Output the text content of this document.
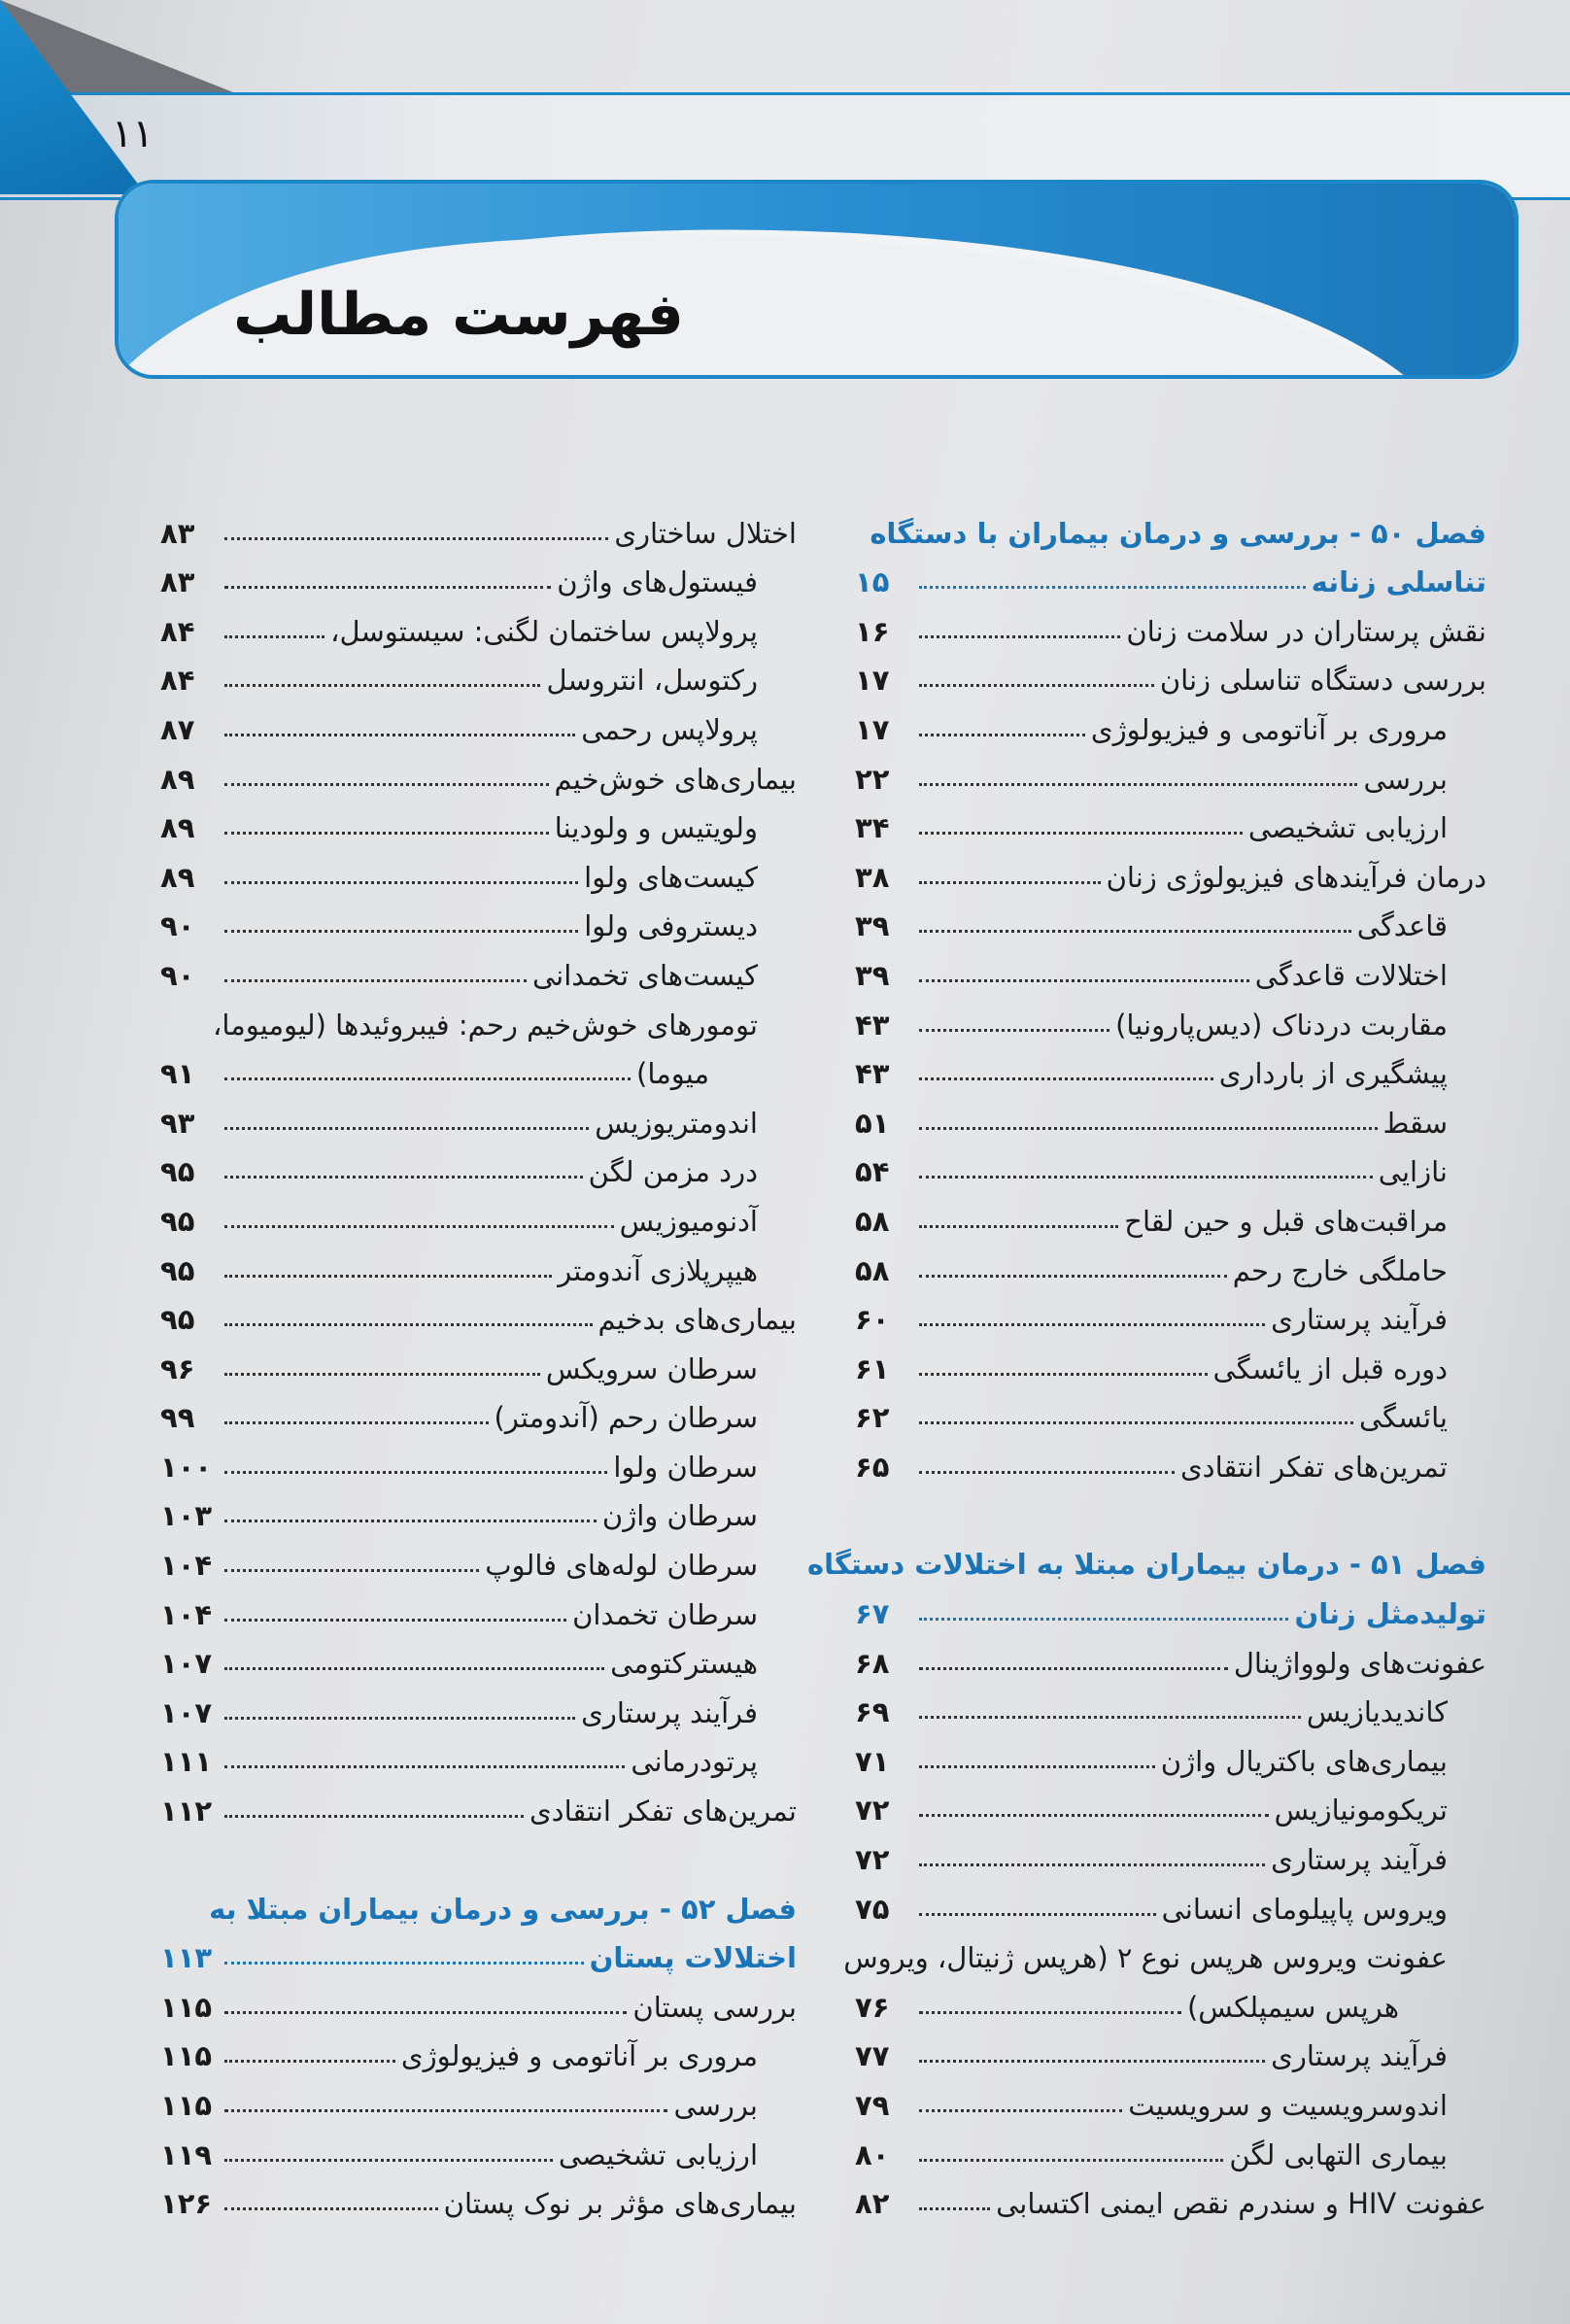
۱۱
فهرست مطالب
فصل ۵۰ - بررسی و درمان بیماران با دستگاه
تناسلی زنانه
۱۵
نقش پرستاران در سلامت زنان
۱۶
بررسی دستگاه تناسلی زنان
۱۷
مروری بر آناتومی و فیزیولوژی
۱۷
بررسی
۲۲
ارزیابی تشخیصی
۳۴
درمان فرآیندهای فیزیولوژی زنان
۳۸
قاعدگی
۳۹
اختلالات قاعدگی
۳۹
مقاربت دردناک (دیس‌پارونیا)
۴۳
پیشگیری از بارداری
۴۳
سقط
۵۱
نازایی
۵۴
مراقبت‌های قبل و حین لقاح
۵۸
حاملگی خارج رحم
۵۸
فرآیند پرستاری
۶۰
دوره قبل از یائسگی
۶۱
یائسگی
۶۲
تمرین‌های تفکر انتقادی
۶۵
فصل ۵۱ - درمان بیماران مبتلا به اختلالات دستگاه
تولیدمثل زنان
۶۷
عفونت‌های ولوواژینال
۶۸
کاندیدیازیس
۶۹
بیماری‌های باکتریال واژن
۷۱
تریکومونیازیس
۷۲
فرآیند پرستاری
۷۲
ویروس پاپیلومای انسانی
۷۵
عفونت ویروس هرپس نوع ۲ (هرپس ژنیتال، ویروس
هرپس سیمپلکس)
۷۶
فرآیند پرستاری
۷۷
اندوسرویسیت و سرویسیت
۷۹
بیماری التهابی لگن
۸۰
عفونت HIV و سندرم نقص ایمنی اکتسابی
۸۲
اختلال ساختاری
۸۳
فیستول‌های واژن
۸۳
پرولاپس ساختمان لگنی: سیستوسل،
۸۴
رکتوسل، انتروسل
۸۴
پرولاپس رحمی
۸۷
بیماری‌های خوش‌خیم
۸۹
ولویتیس و ولودینا
۸۹
کیست‌های ولوا
۸۹
دیستروفی ولوا
۹۰
کیست‌های تخمدانی
۹۰
تومورهای خوش‌خیم رحم: فیبروئیدها (لیومیوما،
میوما)
۹۱
اندومتریوزیس
۹۳
درد مزمن لگن
۹۵
آدنومیوزیس
۹۵
هیپرپلازی آندومتر
۹۵
بیماری‌های بدخیم
۹۵
سرطان سرویکس
۹۶
سرطان رحم (آندومتر)
۹۹
سرطان ولوا
۱۰۰
سرطان واژن
۱۰۳
سرطان لوله‌های فالوپ
۱۰۴
سرطان تخمدان
۱۰۴
هیسترکتومی
۱۰۷
فرآیند پرستاری
۱۰۷
پرتودرمانی
۱۱۱
تمرین‌های تفکر انتقادی
۱۱۲
فصل ۵۲ - بررسی و درمان بیماران مبتلا به
اختلالات پستان
۱۱۳
بررسی پستان
۱۱۵
مروری بر آناتومی و فیزیولوژی
۱۱۵
بررسی
۱۱۵
ارزیابی تشخیصی
۱۱۹
بیماری‌های مؤثر بر نوک پستان
۱۲۶
